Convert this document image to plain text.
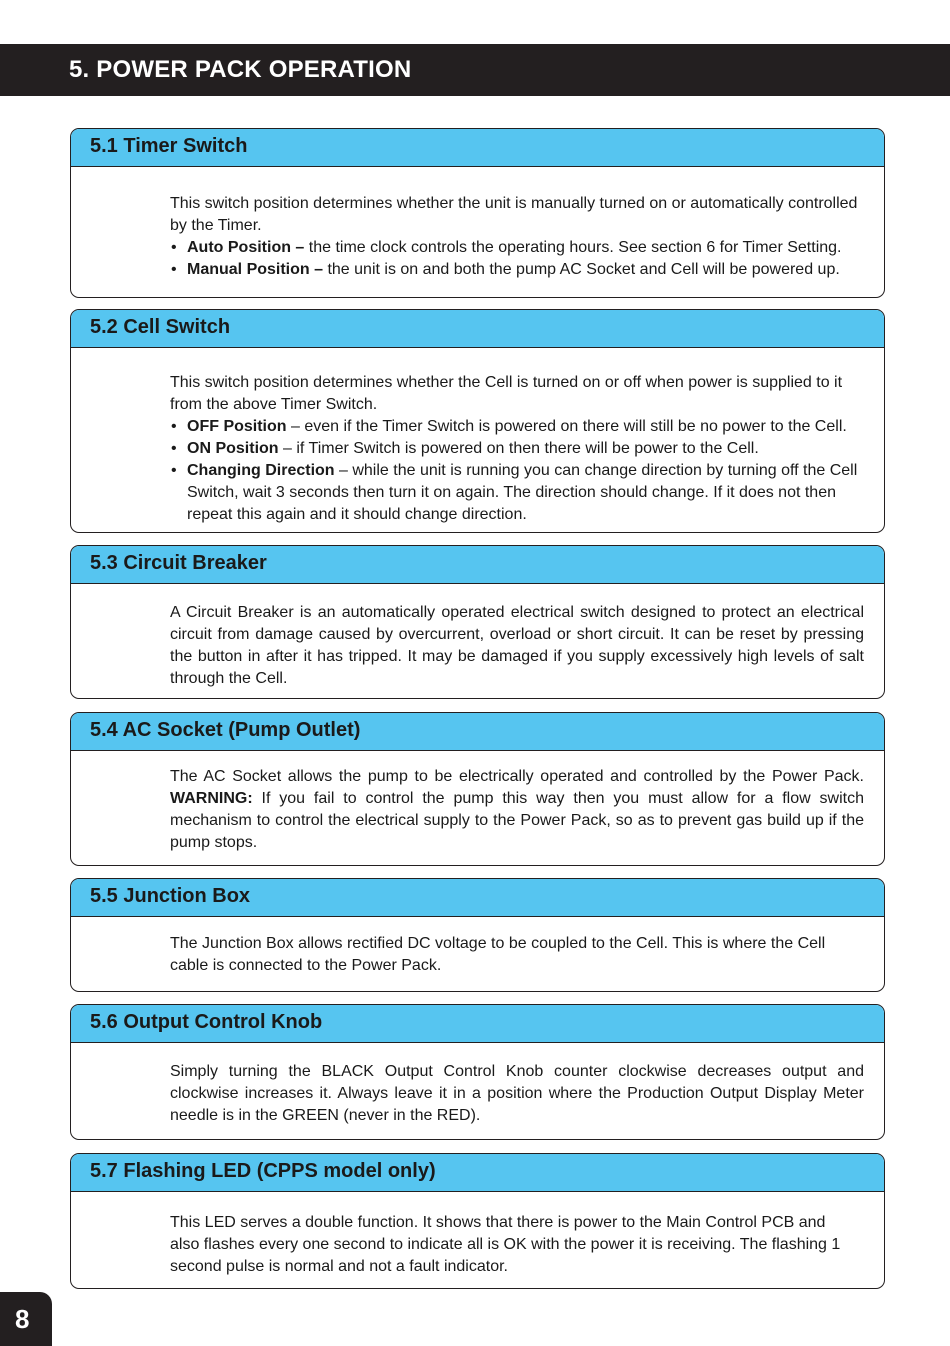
5. POWER PACK OPERATION
5.1 Timer Switch

This switch position determines whether the unit is manually turned on or automatically controlled by the Timer.

• Auto Position – the time clock controls the operating hours. See section 6 for Timer Setting.
• Manual Position – the unit is on and both the pump AC Socket and Cell will be powered up.
5.2 Cell Switch

This switch position determines whether the Cell is turned on or off when power is supplied to it from the above Timer Switch.

• OFF Position – even if the Timer Switch is powered on there will still be no power to the Cell.
• ON Position – if Timer Switch is powered on then there will be power to the Cell.
• Changing Direction – while the unit is running you can change direction by turning off the Cell Switch, wait 3 seconds then turn it on again. The direction should change. If it does not then repeat this again and it should change direction.
5.3 Circuit Breaker

A Circuit Breaker is an automatically operated electrical switch designed to protect an electrical circuit from damage caused by overcurrent, overload or short circuit. It can be reset by pressing the button in after it has tripped. It may be damaged if you supply excessively high levels of salt through the Cell.

5.4 AC Socket (Pump Outlet)

The AC Socket allows the pump to be electrically operated and controlled by the Power Pack. WARNING: If you fail to control the pump this way then you must allow for a flow switch mechanism to control the electrical supply to the Power Pack, so as to prevent gas build up if the pump stops.

5.5 Junction Box

The Junction Box allows rectified DC voltage to be coupled to the Cell. This is where the Cell cable is connected to the Power Pack.

5.6 Output Control Knob

Simply turning the BLACK Output Control Knob counter clockwise decreases output and clockwise increases it. Always leave it in a position where the Production Output Display Meter needle is in the GREEN (never in the RED).

5.7 Flashing LED (CPPS model only)

This LED serves a double function. It shows that there is power to the Main Control PCB and also flashes every one second to indicate all is OK with the power it is receiving. The flashing 1 second pulse is normal and not a fault indicator.

8
